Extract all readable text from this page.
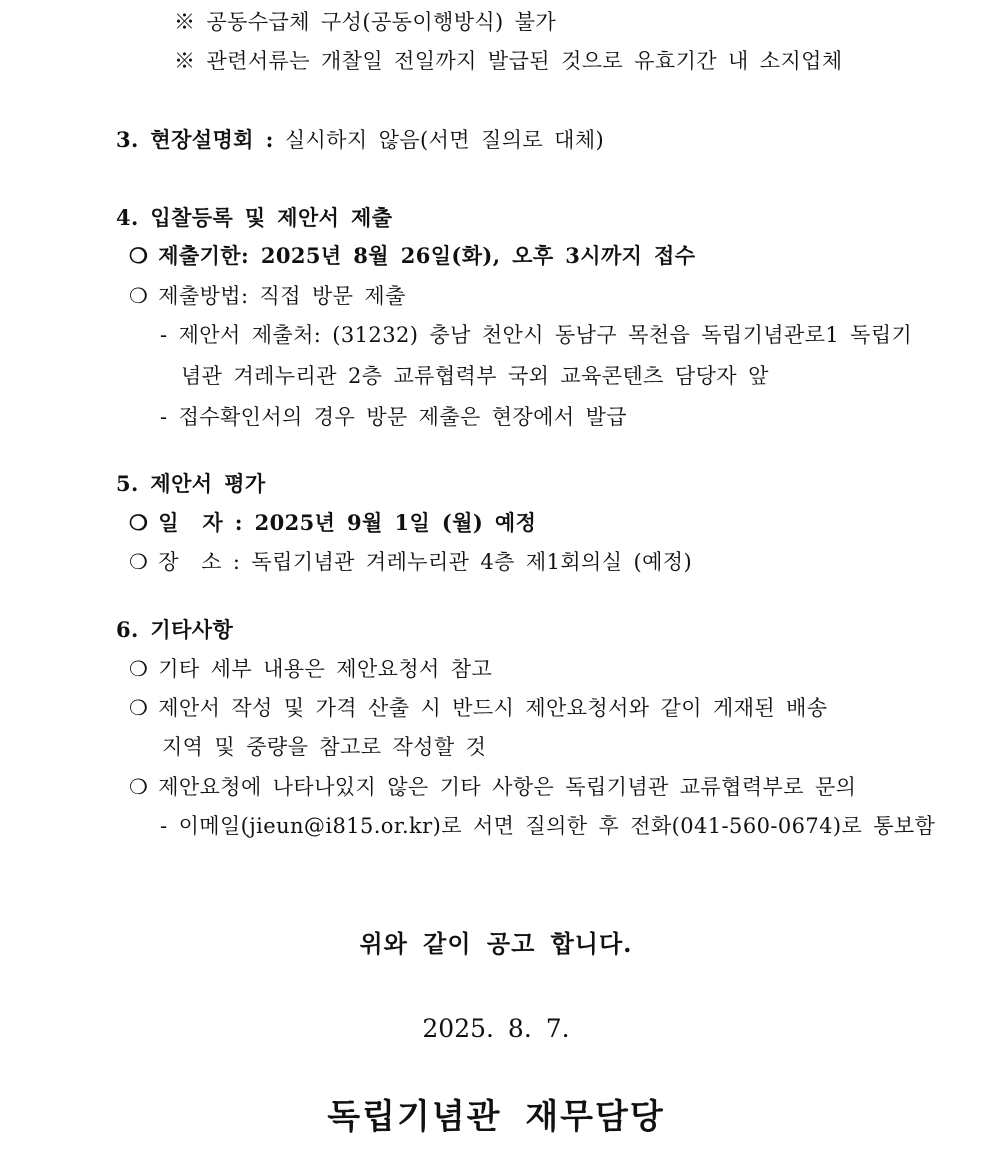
※ 공동수급체 구성(공동이행방식) 불가
※ 관련서류는 개찰일 전일까지 발급된 것으로 유효기간 내 소지업체
3. 현장설명회 : 실시하지 않음(서면 질의로 대체)
4. 입찰등록 및 제안서 제출
❍ 제출기한: 2025년 8월 26일(화), 오후 3시까지 접수
❍ 제출방법: 직접 방문 제출
- 제안서 제출처: (31232) 충남 천안시 동남구 목천읍 독립기념관로1 독립기
념관 겨레누리관 2층 교류협력부 국외 교육콘텐츠 담당자 앞
- 접수확인서의 경우 방문 제출은 현장에서 발급
5. 제안서 평가
❍ 일  자 : 2025년 9월 1일 (월) 예정
❍ 장  소 : 독립기념관 겨레누리관 4층 제1회의실 (예정)
6. 기타사항
❍ 기타 세부 내용은 제안요청서 참고
❍ 제안서 작성 및 가격 산출 시 반드시 제안요청서와 같이 게재된 배송
지역 및 중량을 참고로 작성할 것
❍ 제안요청에 나타나있지 않은 기타 사항은 독립기념관 교류협력부로 문의
- 이메일(jieun@i815.or.kr)로 서면 질의한 후 전화(041-560-0674)로 통보함
위와 같이 공고 합니다.
2025. 8. 7.
독립기념관 재무담당
